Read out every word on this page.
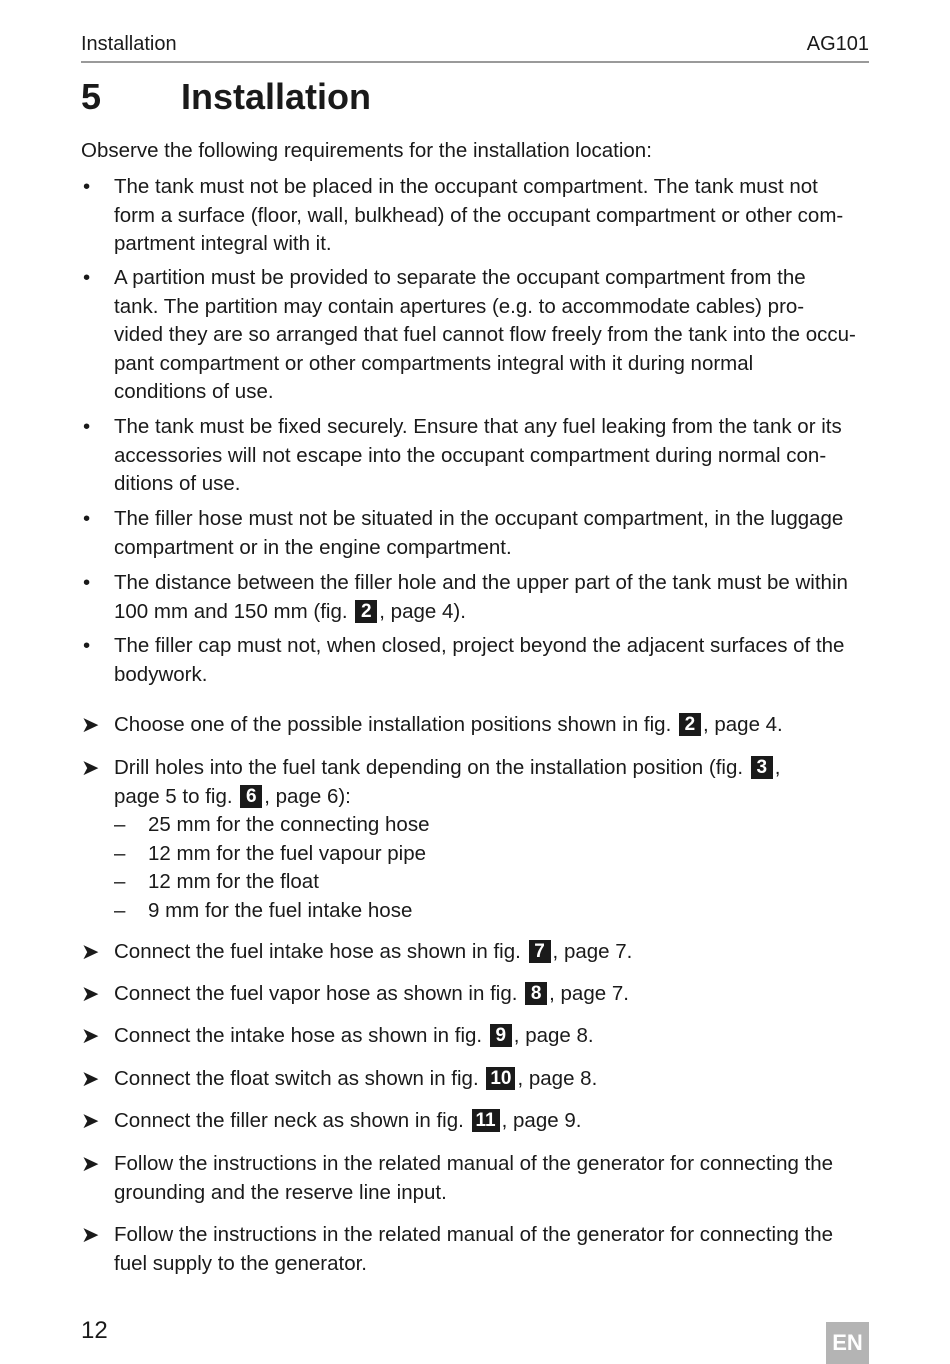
Installation	AG101
5 Installation
Observe the following requirements for the installation location:
•	The tank must not be placed in the occupant compartment. The tank must not
form a surface (floor, wall, bulkhead) of the occupant compartment or other com-
partment integral with it.
•	A partition must be provided to separate the occupant compartment from the
tank. The partition may contain apertures (e.g. to accommodate cables) pro-
vided they are so arranged that fuel cannot flow freely from the tank into the occu-
pant compartment or other compartments integral with it during normal
conditions of use.
•	The tank must be fixed securely. Ensure that any fuel leaking from the tank or its
accessories will not escape into the occupant compartment during normal con-
ditions of use.
•	The filler hose must not be situated in the occupant compartment, in the luggage
compartment or in the engine compartment.
•	The distance between the filler hole and the upper part of the tank must be within
100 mm and 150 mm (fig. 2 , page 4).
•	The filler cap must not, when closed, project beyond the adjacent surfaces of the
bodywork.
➤ Choose one of the possible installation positions shown in fig. 2 , page 4.
➤ Drill holes into the fuel tank depending on the installation position (fig. 3 ,
page 5 to fig. 6 , page 6):
– 25 mm for the connecting hose
– 12 mm for the fuel vapour pipe
– 12 mm for the float
– 9 mm for the fuel intake hose
➤ Connect the fuel intake hose as shown in fig. 7 , page 7.
➤ Connect the fuel vapor hose as shown in fig. 8 , page 7.
➤ Connect the intake hose as shown in fig. 9 , page 8.
➤ Connect the float switch as shown in fig. 10 , page 8.
➤ Connect the filler neck as shown in fig. 11 , page 9.
➤ Follow the instructions in the related manual of the generator for connecting the
grounding and the reserve line input.
➤ Follow the instructions in the related manual of the generator for connecting the
fuel supply to the generator.
12	EN
